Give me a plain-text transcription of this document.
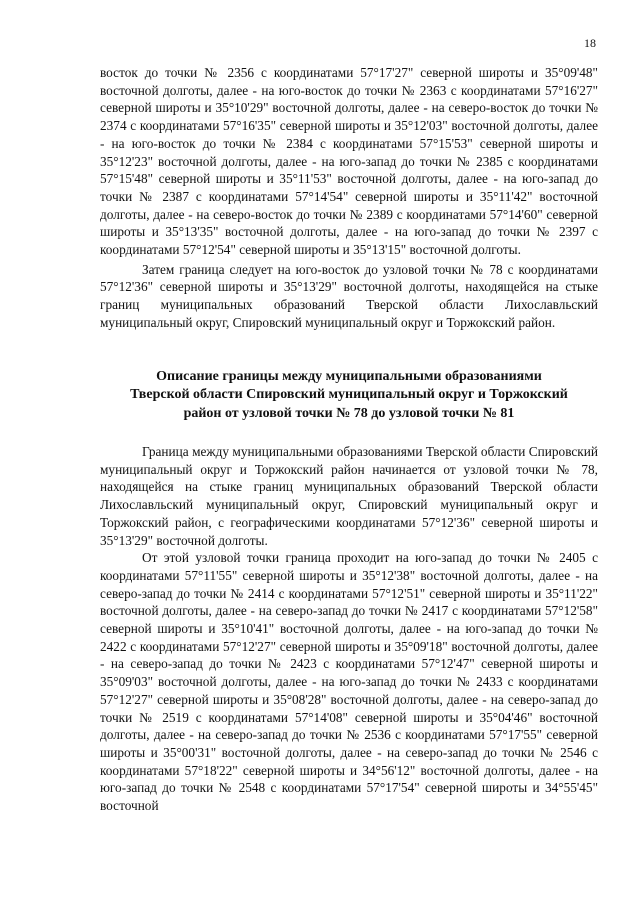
18

восток до точки № 2356 с координатами 57°17'27" северной широты и 35°09'48" восточной долготы, далее - на юго-восток до точки № 2363 с координатами 57°16'27" северной широты и 35°10'29" восточной долготы, далее - на северо-восток до точки № 2374 с координатами 57°16'35" северной широты и 35°12'03" восточной долготы, далее - на юго-восток до точки № 2384 с координатами 57°15'53" северной широты и 35°12'23" восточной долготы, далее - на юго-запад до точки № 2385 с координатами 57°15'48" северной широты и 35°11'53" восточной долготы, далее - на юго-запад до точки № 2387 с координатами 57°14'54" северной широты и 35°11'42" восточной долготы, далее - на северо-восток до точки № 2389 с координатами 57°14'60" северной широты и 35°13'35" восточной долготы, далее - на юго-запад до точки № 2397 с координатами 57°12'54" северной широты и 35°13'15" восточной долготы.

Затем граница следует на юго-восток до узловой точки № 78 с координатами 57°12'36" северной широты и 35°13'29" восточной долготы, находящейся на стыке границ муниципальных образований Тверской области Лихославльский муниципальный округ, Спировский муниципальный округ и Торжокский район.

Описание границы между муниципальными образованиями
Тверской области Спировский муниципальный округ и Торжокский
район от узловой точки № 78 до узловой точки № 81

Граница между муниципальными образованиями Тверской области Спировский муниципальный округ и Торжокский район начинается от узловой точки № 78, находящейся на стыке границ муниципальных образований Тверской области Лихославльский муниципальный округ, Спировский муниципальный округ и Торжокский район, с географическими координатами 57°12'36" северной широты и 35°13'29" восточной долготы.

От этой узловой точки граница проходит на юго-запад до точки № 2405 с координатами 57°11'55" северной широты и 35°12'38" восточной долготы, далее - на северо-запад до точки № 2414 с координатами 57°12'51" северной широты и 35°11'22" восточной долготы, далее - на северо-запад до точки № 2417 с координатами 57°12'58" северной широты и 35°10'41" восточной долготы, далее - на юго-запад до точки № 2422 с координатами 57°12'27" северной широты и 35°09'18" восточной долготы, далее - на северо-запад до точки № 2423 с координатами 57°12'47" северной широты и 35°09'03" восточной долготы, далее - на юго-запад до точки № 2433 с координатами 57°12'27" северной широты и 35°08'28" восточной долготы, далее - на северо-запад до точки № 2519 с координатами 57°14'08" северной широты и 35°04'46" восточной долготы, далее - на северо-запад до точки № 2536 с координатами 57°17'55" северной широты и 35°00'31" восточной долготы, далее - на северо-запад до точки № 2546 с координатами 57°18'22" северной широты и 34°56'12" восточной долготы, далее - на юго-запад до точки № 2548 с координатами 57°17'54" северной широты и 34°55'45" восточной
